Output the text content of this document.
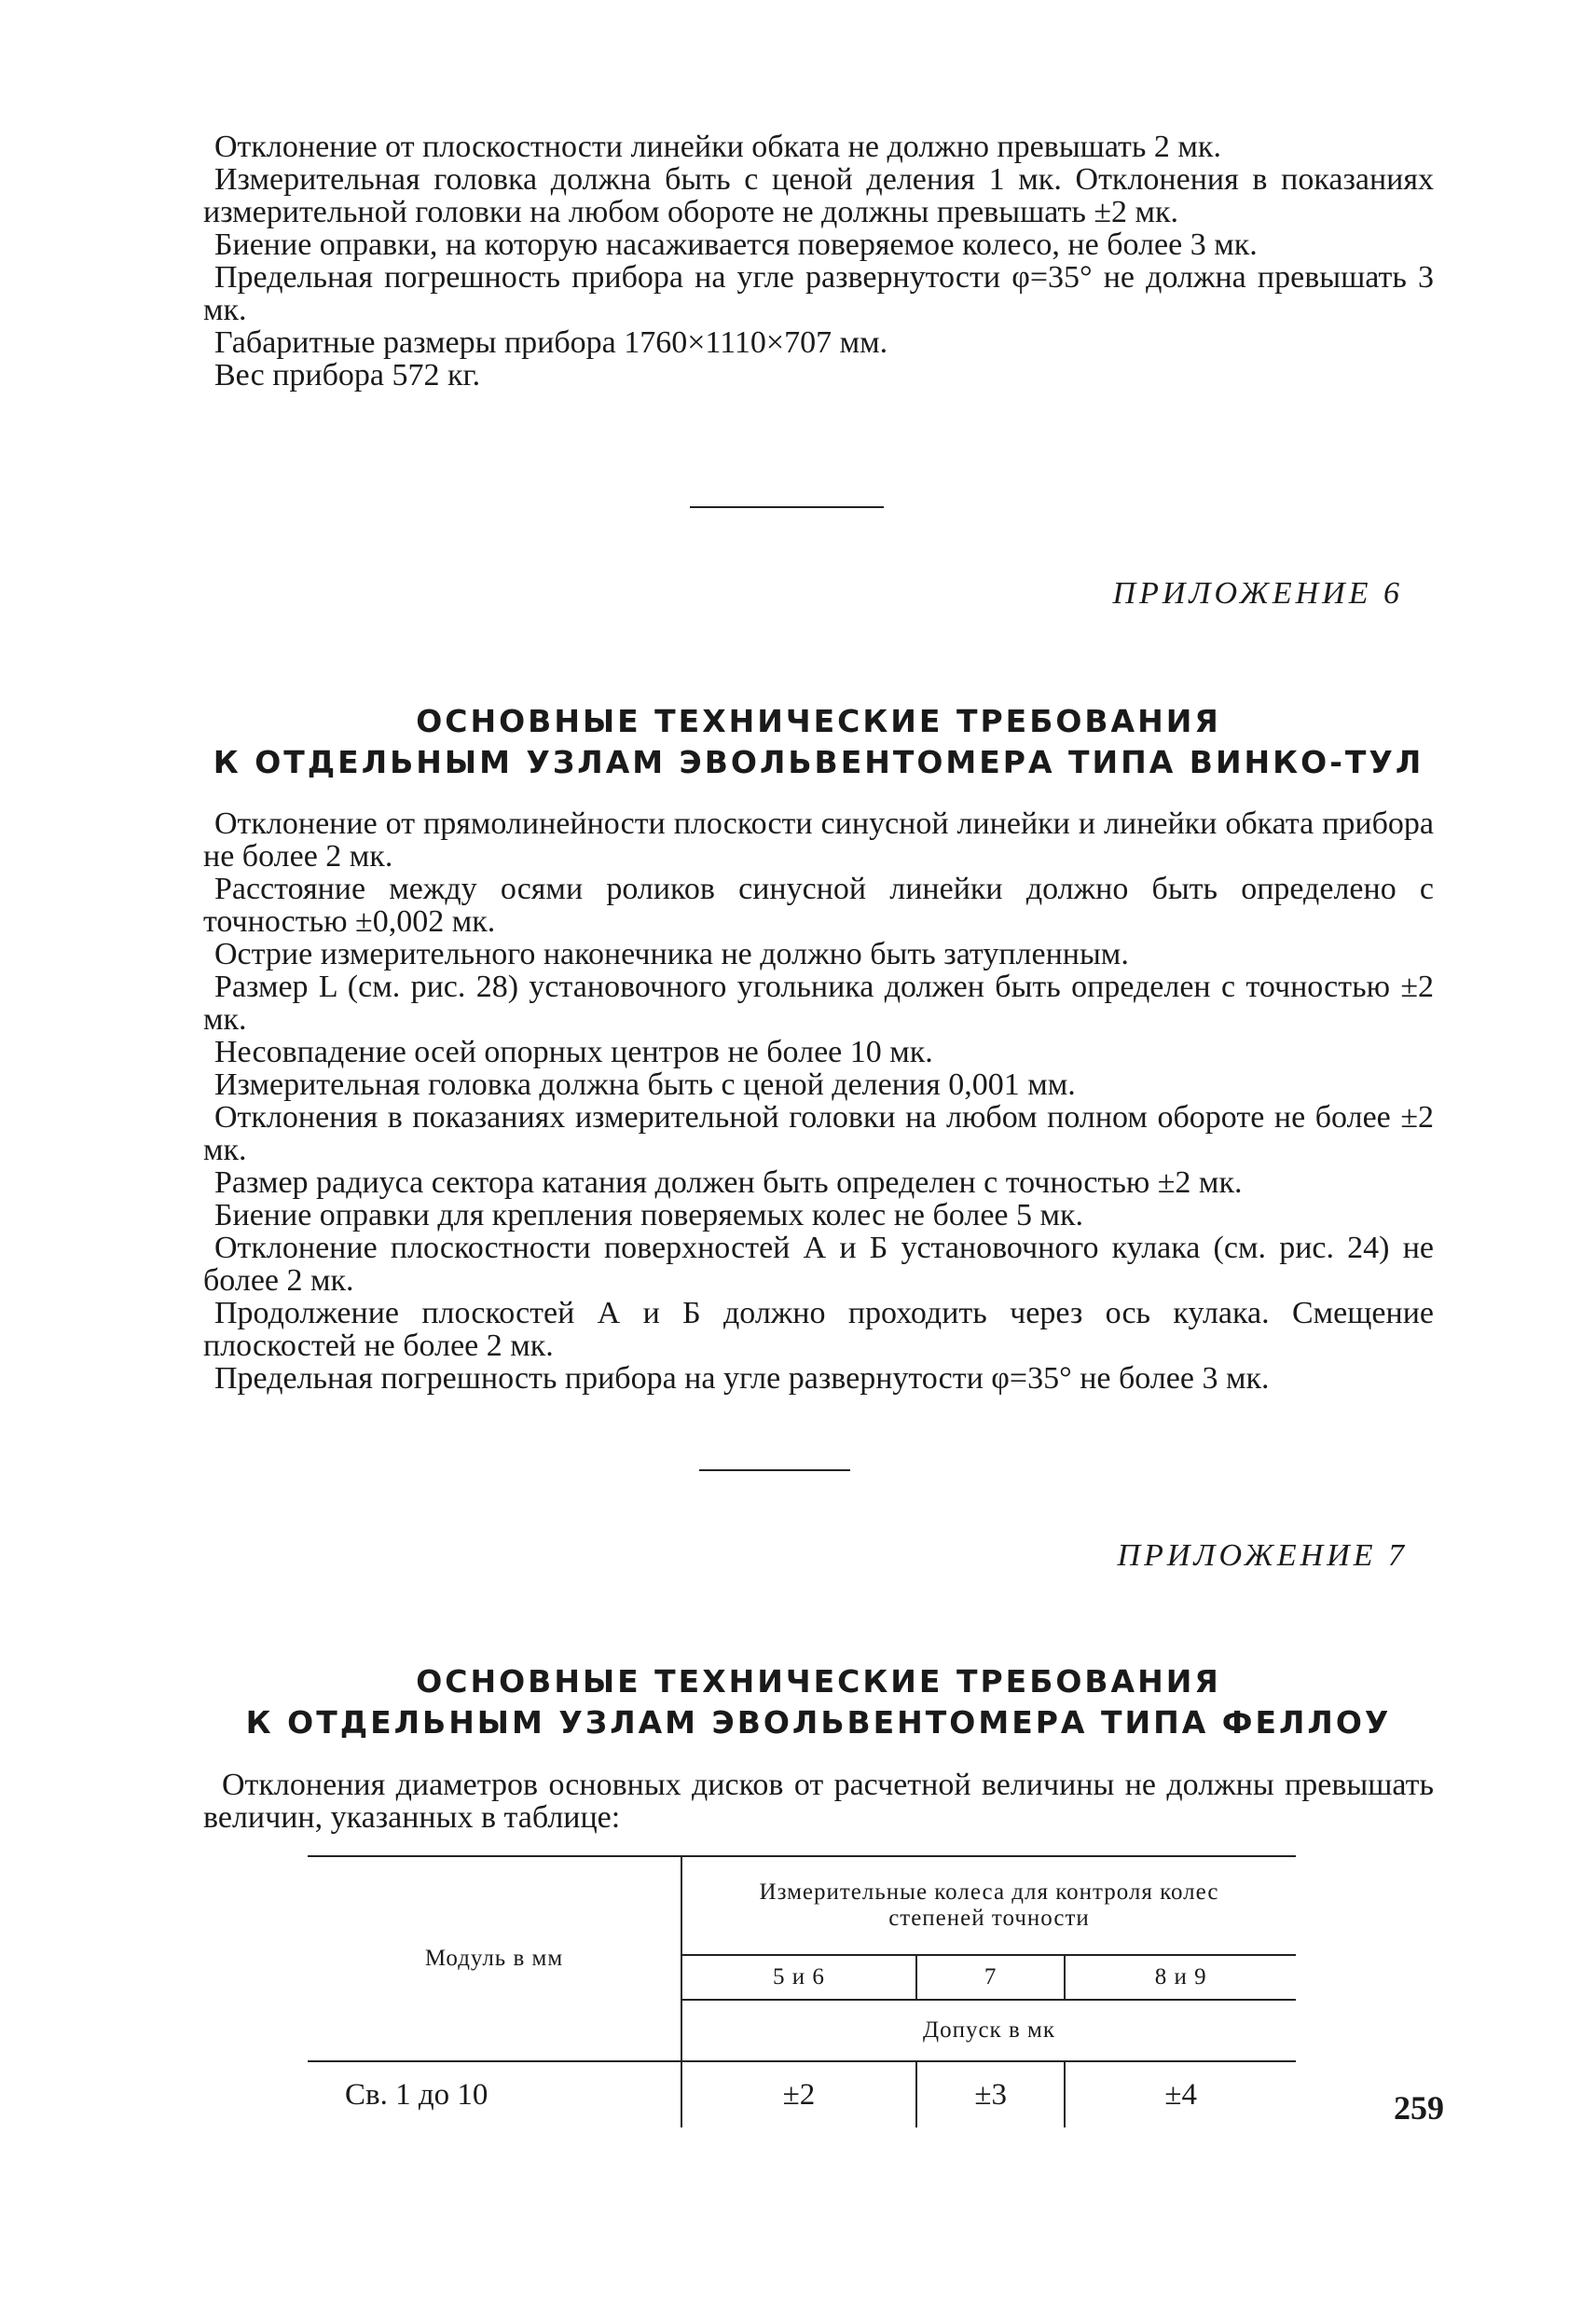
Отклонение от плоскостности линейки обката не должно превышать 2 мк.

Измерительная головка должна быть с ценой деления 1 мк. Отклонения в показаниях измерительной головки на любом обороте не должны превышать ±2 мк.

Биение оправки, на которую насаживается поверяемое колесо, не более 3 мк.

Предельная погрешность прибора на угле развернутости φ=35° не должна превышать 3 мк.

Габаритные размеры прибора 1760×1110×707 мм.

Вес прибора 572 кг.

ПРИЛОЖЕНИЕ 6
ОСНОВНЫЕ ТЕХНИЧЕСКИЕ ТРЕБОВАНИЯ
К ОТДЕЛЬНЫМ УЗЛАМ ЭВОЛЬВЕНТОМЕРА ТИПА ВИНКО-ТУЛ

Отклонение от прямолинейности плоскости синусной линейки и линейки обката прибора не более 2 мк.

Расстояние между осями роликов синусной линейки должно быть определено с точностью ±0,002 мк.

Острие измерительного наконечника не должно быть затупленным.

Размер L (см. рис. 28) установочного угольника должен быть определен с точностью ±2 мк.

Несовпадение осей опорных центров не более 10 мк.

Измерительная головка должна быть с ценой деления 0,001 мм.

Отклонения в показаниях измерительной головки на любом полном обороте не более ±2 мк.

Размер радиуса сектора катания должен быть определен с точностью ±2 мк.

Биение оправки для крепления поверяемых колес не более 5 мк.

Отклонение плоскостности поверхностей А и Б установочного кулака (см. рис. 24) не более 2 мк.

Продолжение плоскостей А и Б должно проходить через ось кулака. Смещение плоскостей не более 2 мк.

Предельная погрешность прибора на угле развернутости φ=35° не более 3 мк.

ПРИЛОЖЕНИЕ 7
ОСНОВНЫЕ ТЕХНИЧЕСКИЕ ТРЕБОВАНИЯ
К ОТДЕЛЬНЫМ УЗЛАМ ЭВОЛЬВЕНТОМЕРА ТИПА ФЕЛЛОУ

Отклонения диаметров основных дисков от расчетной величины не должны превышать величин, указанных в таблице:

Модуль в мм	Измерительные колеса для контроля колес степеней точности		
	5 и 6	7	8 и 9
	Допуск в мк		
Св. 1 до 10	±2	±3	±4	259
